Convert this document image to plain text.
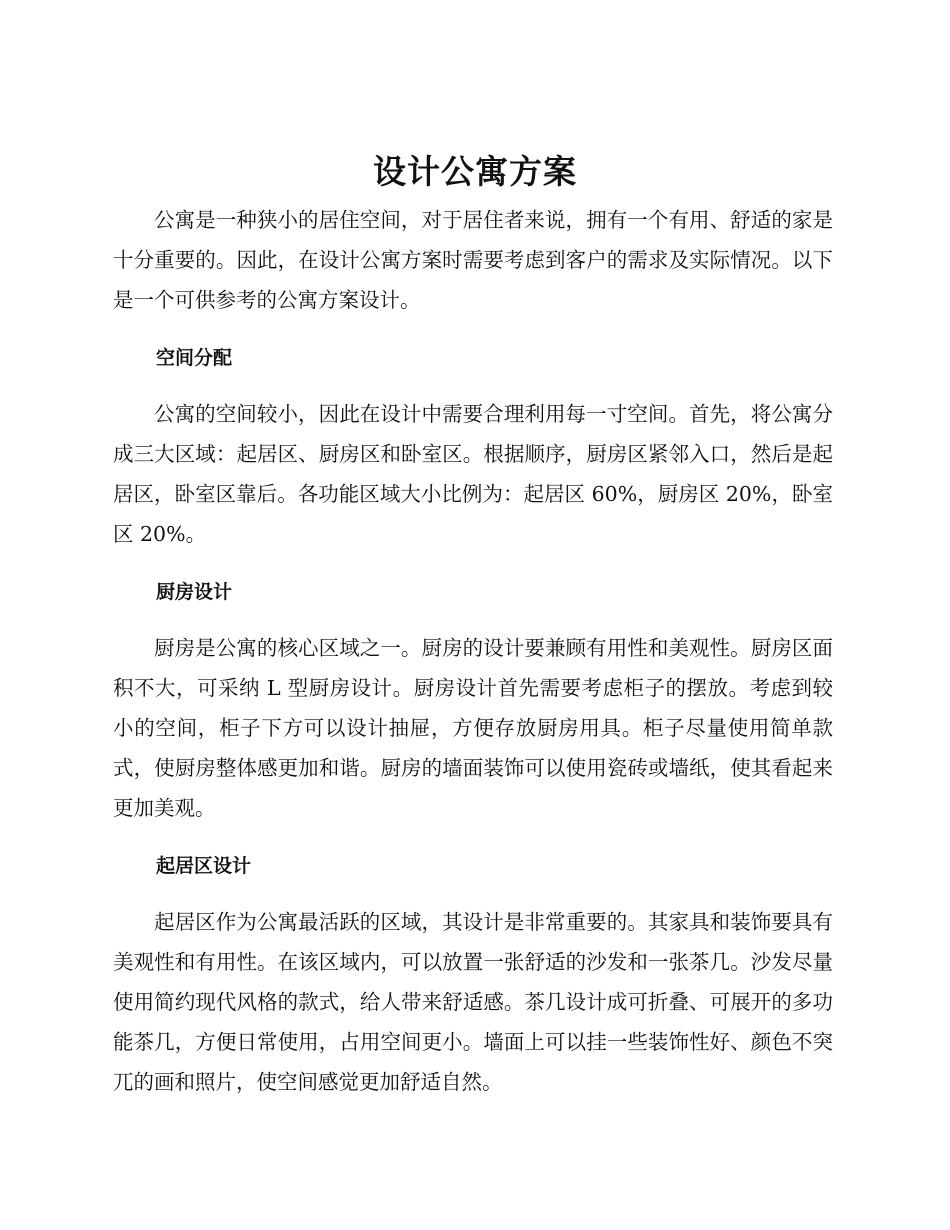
设计公寓方案

公寓是一种狭小的居住空间，对于居住者来说，拥有一个有用、舒适的家是十分重要的。因此，在设计公寓方案时需要考虑到客户的需求及实际情况。以下是一个可供参考的公寓方案设计。

空间分配

公寓的空间较小，因此在设计中需要合理利用每一寸空间。首先，将公寓分成三大区域：起居区、厨房区和卧室区。根据顺序，厨房区紧邻入口，然后是起居区，卧室区靠后。各功能区域大小比例为：起居区 60%，厨房区 20%，卧室区 20%。

厨房设计

厨房是公寓的核心区域之一。厨房的设计要兼顾有用性和美观性。厨房区面积不大，可采纳 L 型厨房设计。厨房设计首先需要考虑柜子的摆放。考虑到较小的空间，柜子下方可以设计抽屉，方便存放厨房用具。柜子尽量使用简单款式，使厨房整体感更加和谐。厨房的墙面装饰可以使用瓷砖或墙纸，使其看起来更加美观。

起居区设计

起居区作为公寓最活跃的区域，其设计是非常重要的。其家具和装饰要具有美观性和有用性。在该区域内，可以放置一张舒适的沙发和一张茶几。沙发尽量使用简约现代风格的款式，给人带来舒适感。茶几设计成可折叠、可展开的多功能茶几，方便日常使用，占用空间更小。墙面上可以挂一些装饰性好、颜色不突兀的画和照片，使空间感觉更加舒适自然。
